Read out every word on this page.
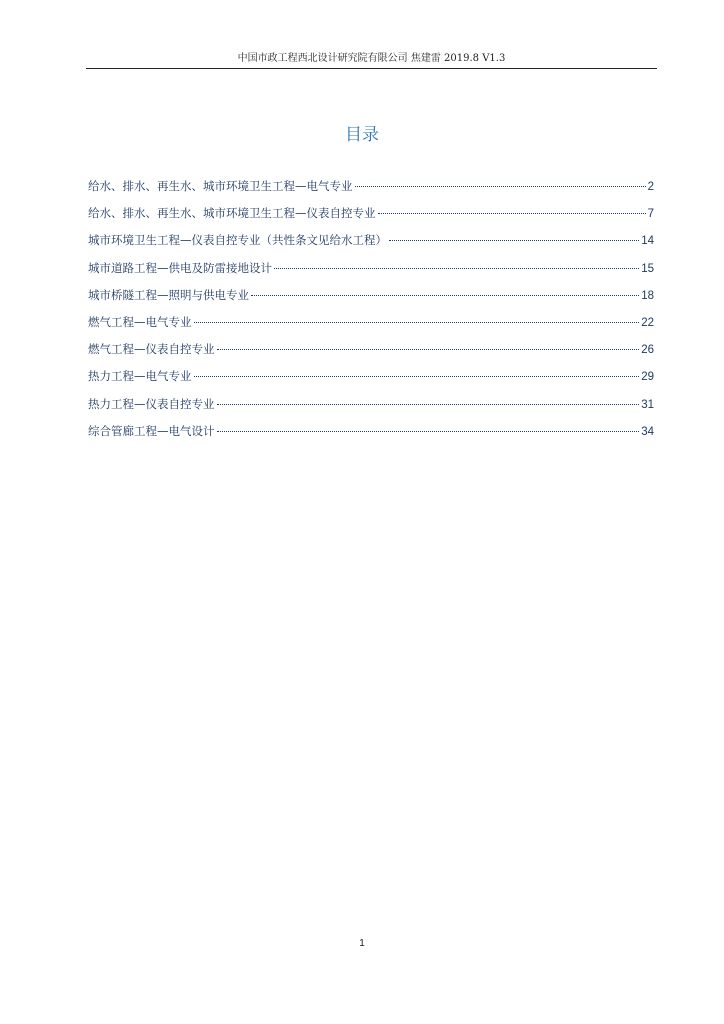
中国市政工程西北设计研究院有限公司 焦建雷 2019.8 V1.3
目录
给水、排水、再生水、城市环境卫生工程—电气专业	2
给水、排水、再生水、城市环境卫生工程—仪表自控专业	7
城市环境卫生工程—仪表自控专业（共性条文见给水工程）	14
城市道路工程—供电及防雷接地设计	15
城市桥隧工程—照明与供电专业	18
燃气工程—电气专业	22
燃气工程—仪表自控专业	26
热力工程—电气专业	29
热力工程—仪表自控专业	31
综合管廊工程—电气设计	34
1
